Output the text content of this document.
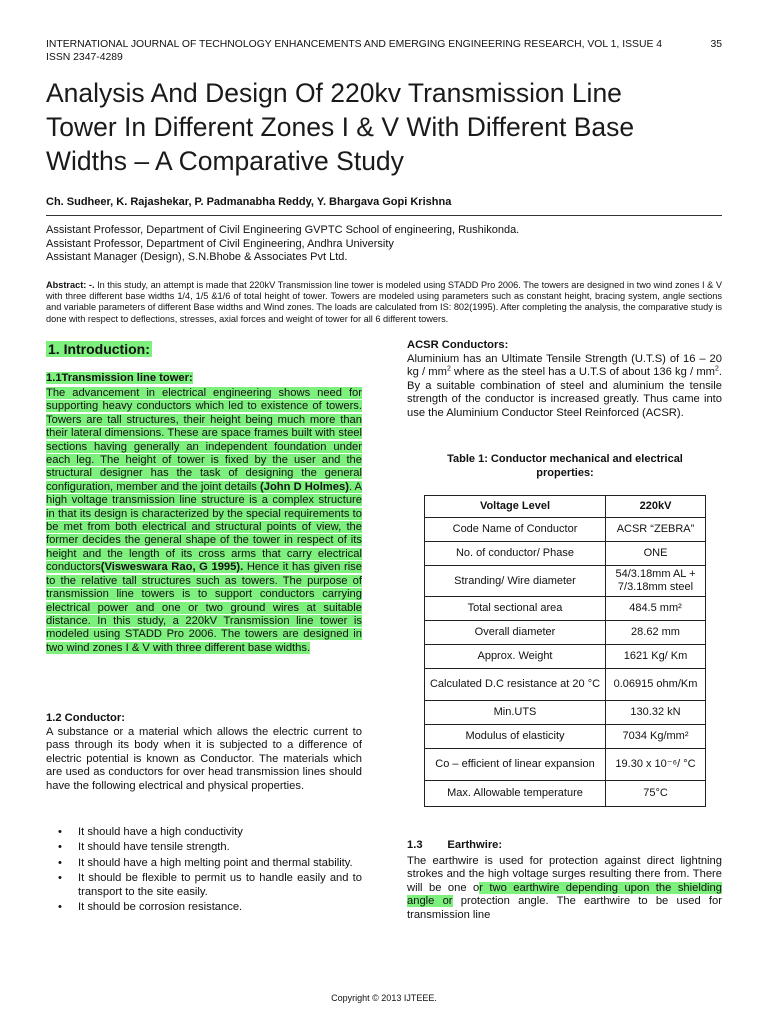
INTERNATIONAL JOURNAL OF TECHNOLOGY ENHANCEMENTS AND EMERGING ENGINEERING RESEARCH, VOL 1, ISSUE 4	35
ISSN 2347-4289
Analysis And Design Of 220kv Transmission Line
Tower In Different Zones I & V With Different Base
Widths – A Comparative Study
Ch. Sudheer, K. Rajashekar, P. Padmanabha Reddy, Y. Bhargava Gopi Krishna
Assistant Professor, Department of Civil Engineering GVPTC School of engineering, Rushikonda.
Assistant Professor, Department of Civil Engineering, Andhra University
Assistant Manager (Design), S.N.Bhobe & Associates Pvt Ltd.
Abstract: -. In this study, an attempt is made that 220kV Transmission line tower is modeled using STADD Pro 2006. The towers are designed in two wind zones I & V with three different base widths 1/4, 1/5 &1/6 of total height of tower. Towers are modeled using parameters such as constant height, bracing system, angle sections and variable parameters of different Base widths and Wind zones. The loads are calculated from IS: 802(1995). After completing the analysis, the comparative study is done with respect to deflections, stresses, axial forces and weight of tower for all 6 different towers.
1. Introduction:
1.1Transmission line tower:
The advancement in electrical engineering shows need for supporting heavy conductors which led to existence of towers. Towers are tall structures, their height being much more than their lateral dimensions. These are space frames built with steel sections having generally an independent foundation under each leg. The height of tower is fixed by the user and the structural designer has the task of designing the general configuration, member and the joint details (John D Holmes). A high voltage transmission line structure is a complex structure in that its design is characterized by the special requirements to be met from both electrical and structural points of view, the former decides the general shape of the tower in respect of its height and the length of its cross arms that carry electrical conductors(Visweswara Rao, G 1995). Hence it has given rise to the relative tall structures such as towers. The purpose of transmission line towers is to support conductors carrying electrical power and one or two ground wires at suitable distance. In this study, a 220kV Transmission line tower is modeled using STADD Pro 2006. The towers are designed in two wind zones I & V with three different base widths.
1.2 Conductor:
A substance or a material which allows the electric current to pass through its body when it is subjected to a difference of electric potential is known as Conductor. The materials which are used as conductors for over head transmission lines should have the following electrical and physical properties.
• It should have a high conductivity
• It should have tensile strength.
• It should have a high melting point and thermal stability.
• It should be flexible to permit us to handle easily and to transport to the site easily.
• It should be corrosion resistance.
ACSR Conductors:
Aluminium has an Ultimate Tensile Strength (U.T.S) of 16 – 20 kg / $mm^2$ where as the steel has a U.T.S of about 136 kg / $mm^2$. By a suitable combination of steel and aluminium the tensile strength of the conductor is increased greatly. Thus came into use the Aluminium Conductor Steel Reinforced (ACSR).
Table 1: Conductor mechanical and electrical properties:
Voltage Level	220kV
Code Name of Conductor	ACSR “ZEBRA”
No. of conductor/ Phase	ONE
Stranding/ Wire diameter	54/3.18mm AL + 7/3.18mm steel
Total sectional area	484.5 mm²
Overall diameter	28.62 mm
Approx. Weight	1621 Kg/ Km
Calculated D.C resistance at 20 °C	0.06915 ohm/Km
Min.UTS	130.32 kN
Modulus of elasticity	7034 Kg/mm²
Co – efficient of linear expansion	19.30 x 10⁻⁶/ °C
Max. Allowable temperature	75°C
1.3        Earthwire:
The earthwire is used for protection against direct lightning strokes and the high voltage surges resulting there from. There will be one or two earthwire depending upon the shielding angle or protection angle. The earthwire to be used for transmission line
Copyright © 2013 IJTEEE.
